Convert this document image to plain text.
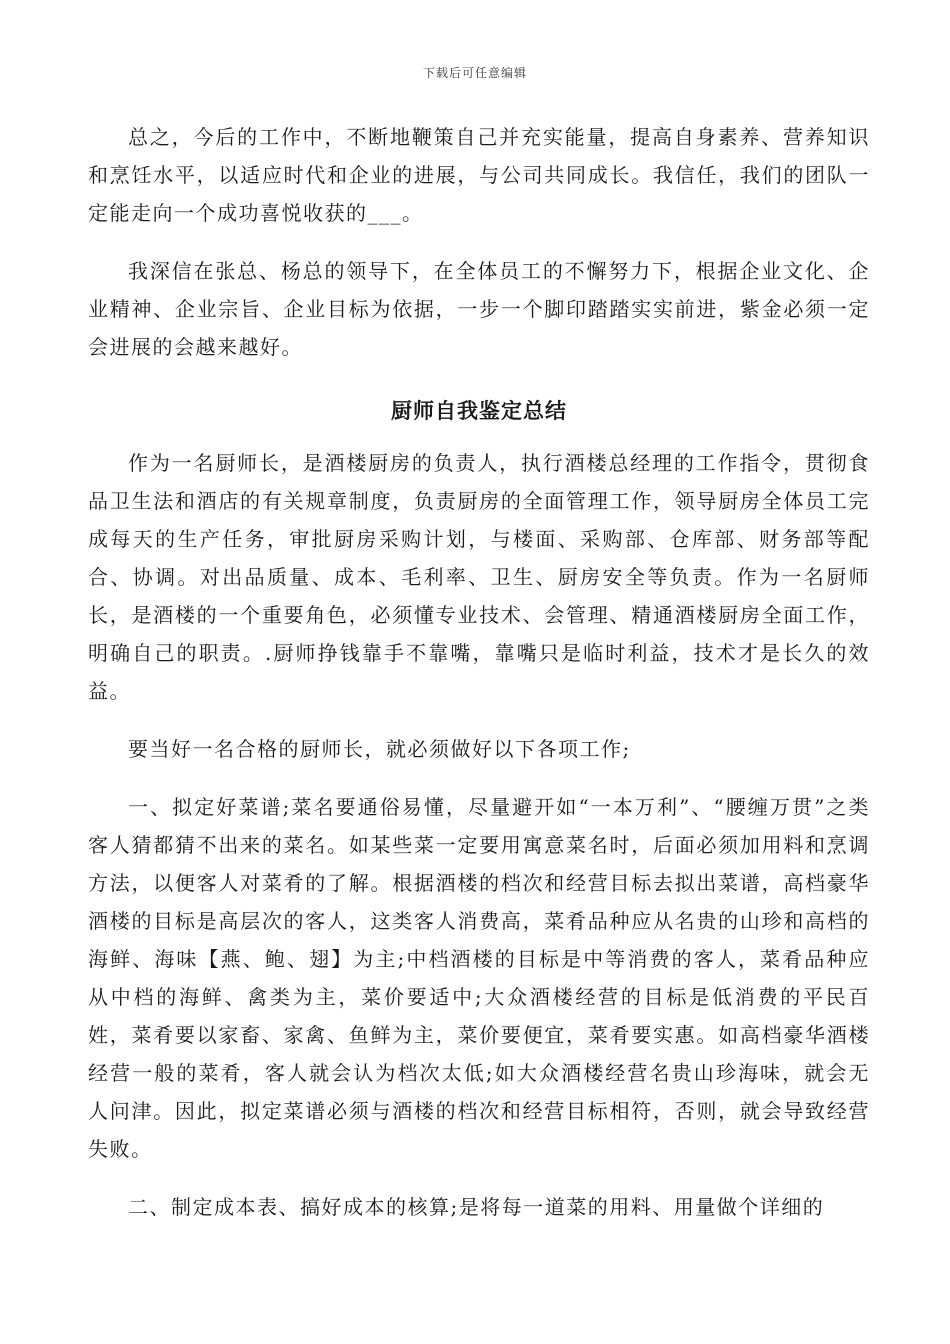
下载后可任意编辑

总之，今后的工作中，不断地鞭策自己并充实能量，提高自身素养、营养知识和烹饪水平，以适应时代和企业的进展，与公司共同成长。我信任，我们的团队一定能走向一个成功喜悦收获的___。

我深信在张总、杨总的领导下，在全体员工的不懈努力下，根据企业文化、企业精神、企业宗旨、企业目标为依据，一步一个脚印踏踏实实前进，紫金必须一定会进展的会越来越好。

厨师自我鉴定总结

作为一名厨师长，是酒楼厨房的负责人，执行酒楼总经理的工作指令，贯彻食品卫生法和酒店的有关规章制度，负责厨房的全面管理工作，领导厨房全体员工完成每天的生产任务，审批厨房采购计划，与楼面、采购部、仓库部、财务部等配合、协调。对出品质量、成本、毛利率、卫生、厨房安全等负责。作为一名厨师长，是酒楼的一个重要角色，必须懂专业技术、会管理、精通酒楼厨房全面工作，明确自己的职责。.厨师挣钱靠手不靠嘴，靠嘴只是临时利益，技术才是长久的效益。

要当好一名合格的厨师长，就必须做好以下各项工作;

一、拟定好菜谱;菜名要通俗易懂，尽量避开如“一本万利”、“腰缠万贯”之类客人猜都猜不出来的菜名。如某些菜一定要用寓意菜名时，后面必须加用料和烹调方法，以便客人对菜肴的了解。根据酒楼的档次和经营目标去拟出菜谱，高档豪华酒楼的目标是高层次的客人，这类客人消费高，菜肴品种应从名贵的山珍和高档的海鲜、海味【燕、鲍、翅】为主;中档酒楼的目标是中等消费的客人，菜肴品种应从中档的海鲜、禽类为主，菜价要适中;大众酒楼经营的目标是低消费的平民百姓，菜肴要以家畜、家禽、鱼鲜为主，菜价要便宜，菜肴要实惠。如高档豪华酒楼经营一般的菜肴，客人就会认为档次太低;如大众酒楼经营名贵山珍海味，就会无人问津。因此，拟定菜谱必须与酒楼的档次和经营目标相符，否则，就会导致经营失败。

二、制定成本表、搞好成本的核算;是将每一道菜的用料、用量做个详细的
